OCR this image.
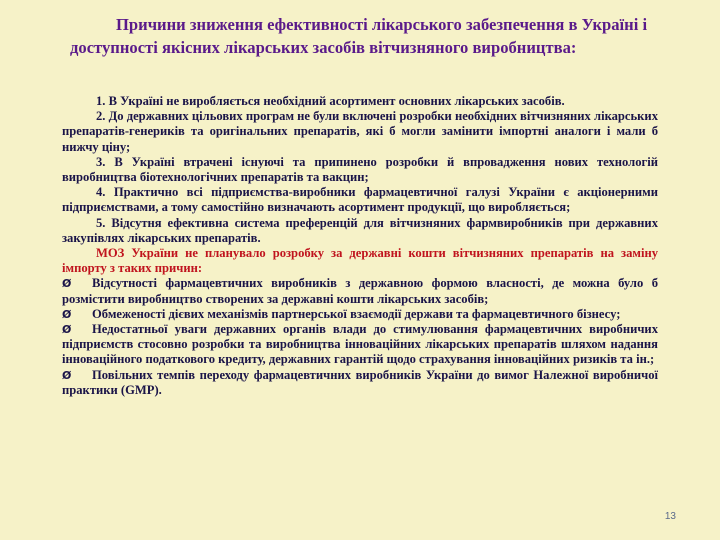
Причини зниження ефективності лікарського забезпечення в Україні і доступності якісних лікарських засобів вітчизняного виробництва:

1. В Україні не виробляється необхідний асортимент основних лікарських засобів.

2. До державних цільових програм не були включені розробки необхідних вітчизняних лікарських препаратів-генериків та оригінальних препаратів, які б могли замінити імпортні аналоги і мали б нижчу ціну;

3. В Україні втрачені існуючі та припинено розробки й впровадження нових технологій виробництва біотехнологічних препаратів та вакцин;

4. Практично всі підприємства-виробники фармацевтичної галузі України є акціонерними підприємствами, а тому самостійно визначають асортимент продукції, що виробляється;

5. Відсутня ефективна система преференцій для вітчизняних фармвиробників при державних закупівлях лікарських препаратів.

МОЗ України не планувало розробку за державні кошти вітчизняних препаратів на заміну імпорту з таких причин:

Ø Відсутності фармацевтичних виробників з державною формою власності, де можна було б розмістити виробництво створених за державні кошти лікарських засобів;

Ø Обмеженості дієвих механізмів партнерської взаємодії держави та фармацевтичного бізнесу;

Ø Недостатньої уваги державних органів влади до стимулювання фармацевтичних виробничих підприємств стосовно розробки та виробництва інноваційних лікарських препаратів шляхом надання інноваційного податкового кредиту, державних гарантій щодо страхування інноваційних ризиків та ін.;

Ø Повільних темпів переходу фармацевтичних виробників України до вимог Належної виробничої практики (GMP).

13
